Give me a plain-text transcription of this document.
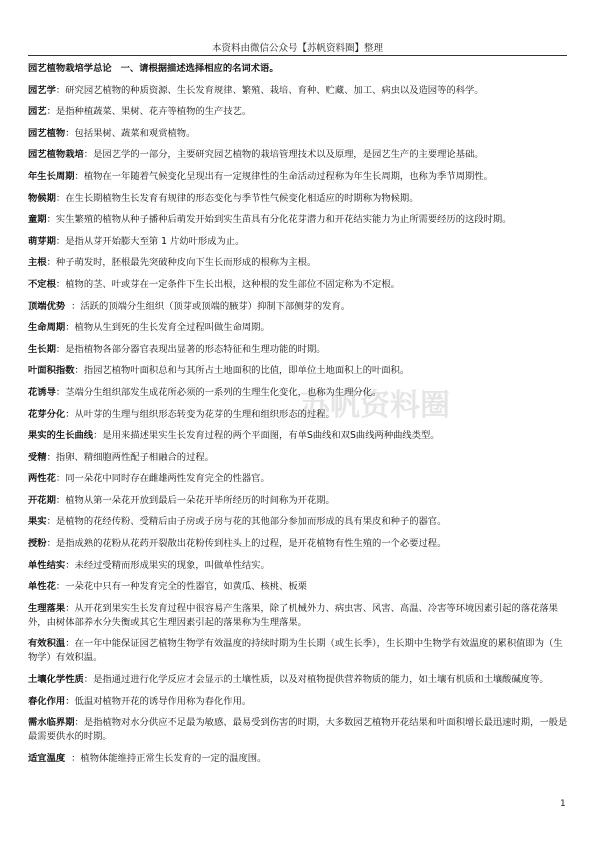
本资料由微信公众号【苏帆资料圈】整理
苏帆资料圈

园艺植物栽培学总论 一、请根据描述选择相应的名词术语。

园艺学：研究园艺植物的种质资源、生长发育规律、繁殖、栽培、育种、贮藏、加工、病虫以及造园等的科学。

园艺：是指种植蔬菜、果树、花卉等植物的生产技艺。

园艺植物：包括果树、蔬菜和观赏植物。

园艺植物栽培：是园艺学的一部分，主要研究园艺植物的栽培管理技术以及原理，是园艺生产的主要理论基础。

年生长周期：植物在一年随着气候变化呈现出有一定规律性的生命活动过程称为年生长周期，也称为季节周期性。

物候期：在生长期植物生长发育有规律的形态变化与季节性气候变化相适应的时期称为物候期。

童期：实生繁殖的植物从种子播种后萌发开始到实生苗具有分化花芽潜力和开花结实能力为止所需要经历的这段时期。

萌芽期：是指从芽开始膨大至第 1 片幼叶形成为止。

主根：种子萌发时，胚根最先突破种皮向下生长而形成的根称为主根。

不定根：植物的茎、叶或芽在一定条件下生长出根，这种根的发生部位不固定称为不定根。

顶端优势  ：活跃的顶端分生组织（顶芽或顶端的腋芽）抑制下部侧芽的发育。

生命周期：植物从生到死的生长发育全过程叫做生命周期。

生长期：是指植物各部分器官表现出显著的形态特征和生理功能的时期。

叶面积指数：指园艺植物叶面积总和与其所占土地面积的比值，即单位土地面积上的叶面积。

花诱导：茎端分生组织部发生成花所必须的一系列的生理生化变化，也称为生理分化。

花芽分化：从叶芽的生理与组织形态转变为花芽的生理和组织形态的过程。

果实的生长曲线：是用来描述果实生长发育过程的两个平面图，有单S曲线和双S曲线两种曲线类型。

受精：指卵、精细胞两性配子相融合的过程。

两性花：同一朵花中同时存在雌雄两性发育完全的性器官。

开花期：植物从第一朵花开放到最后一朵花开毕所经历的时间称为开花期。

果实：是植物的花经传粉、受精后由子房或子房与花的其他部分参加而形成的具有果皮和种子的器官。

授粉：是指成熟的花粉从花药开裂散出花粉传到柱头上的过程，是开花植物有性生殖的一个必要过程。

单性结实：未经过受精而形成果实的现象，叫做单性结实。

单性花：一朵花中只有一种发育完全的性器官，如黄瓜、核桃、板栗

生理落果：从开花到果实生长发育过程中很容易产生落果，除了机械外力、病虫害、风害、高温、冷害等环境因素引起的落花落果外，由树体部养水分失衡或其它生理因素引起的落果称为生理落果。

有效积温：在一年中能保证园艺植物生物学有效温度的持续时期为生长期（或生长季），生长期中生物学有效温度的累积值即为（生物学）有效积温。

土壤化学性质：是指通过进行化学反应才会显示的土壤性质，以及对植物提供营养物质的能力，如土壤有机质和土壤酸碱度等。

春化作用：低温对植物开花的诱导作用称为春化作用。

需水临界期：是指植物对水分供应不足最为敏感、最易受到伤害的时期，大多数园艺植物开花结果和叶面积增长最迅速时期，一般是最需要供水的时期。

适宜温度  ：植物体能维持正常生长发育的一定的温度围。

1
